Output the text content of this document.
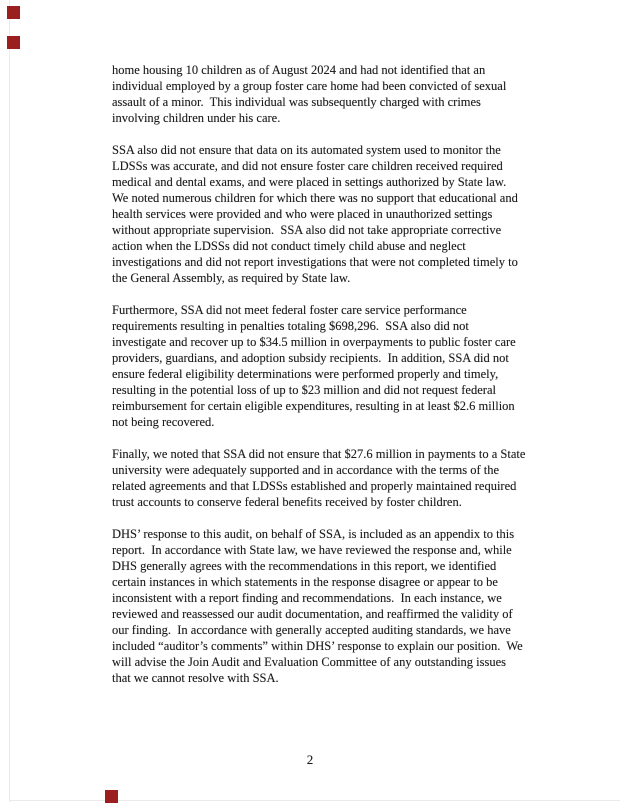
home housing 10 children as of August 2024 and had not identified that an individual employed by a group foster care home had been convicted of sexual assault of a minor.  This individual was subsequently charged with crimes involving children under his care.

SSA also did not ensure that data on its automated system used to monitor the LDSSs was accurate, and did not ensure foster care children received required medical and dental exams, and were placed in settings authorized by State law.  We noted numerous children for which there was no support that educational and health services were provided and who were placed in unauthorized settings without appropriate supervision.  SSA also did not take appropriate corrective action when the LDSSs did not conduct timely child abuse and neglect investigations and did not report investigations that were not completed timely to the General Assembly, as required by State law.

Furthermore, SSA did not meet federal foster care service performance requirements resulting in penalties totaling $698,296.  SSA also did not investigate and recover up to $34.5 million in overpayments to public foster care providers, guardians, and adoption subsidy recipients.  In addition, SSA did not ensure federal eligibility determinations were performed properly and timely, resulting in the potential loss of up to $23 million and did not request federal reimbursement for certain eligible expenditures, resulting in at least $2.6 million not being recovered.

Finally, we noted that SSA did not ensure that $27.6 million in payments to a State university were adequately supported and in accordance with the terms of the related agreements and that LDSSs established and properly maintained required trust accounts to conserve federal benefits received by foster children.

DHS’ response to this audit, on behalf of SSA, is included as an appendix to this report.  In accordance with State law, we have reviewed the response and, while DHS generally agrees with the recommendations in this report, we identified certain instances in which statements in the response disagree or appear to be inconsistent with a report finding and recommendations.  In each instance, we reviewed and reassessed our audit documentation, and reaffirmed the validity of our finding.  In accordance with generally accepted auditing standards, we have included “auditor’s comments” within DHS’ response to explain our position.  We will advise the Join Audit and Evaluation Committee of any outstanding issues that we cannot resolve with SSA.

2
